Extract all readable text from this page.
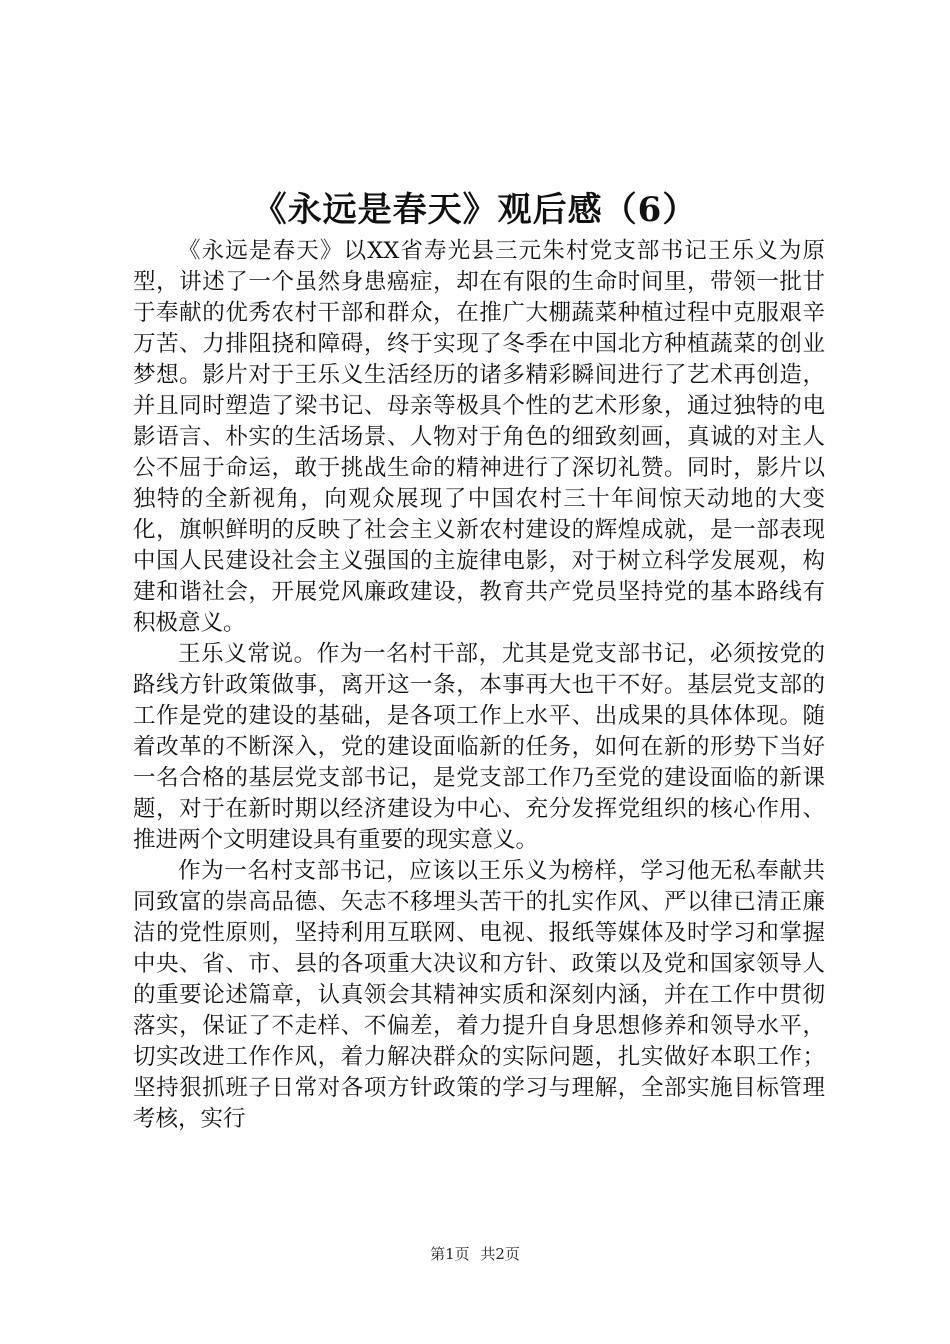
《永远是春天》观后感（6）

《永远是春天》以XX省寿光县三元朱村党支部书记王乐义为原型，讲述了一个虽然身患癌症，却在有限的生命时间里，带领一批甘于奉献的优秀农村干部和群众，在推广大棚蔬菜种植过程中克服艰辛万苦、力排阻挠和障碍，终于实现了冬季在中国北方种植蔬菜的创业梦想。影片对于王乐义生活经历的诸多精彩瞬间进行了艺术再创造，并且同时塑造了梁书记、母亲等极具个性的艺术形象，通过独特的电影语言、朴实的生活场景、人物对于角色的细致刻画，真诚的对主人公不屈于命运，敢于挑战生命的精神进行了深切礼赞。同时，影片以独特的全新视角，向观众展现了中国农村三十年间惊天动地的大变化，旗帜鲜明的反映了社会主义新农村建设的辉煌成就，是一部表现中国人民建设社会主义强国的主旋律电影，对于树立科学发展观，构建和谐社会，开展党风廉政建设，教育共产党员坚持党的基本路线有积极意义。

王乐义常说。作为一名村干部，尤其是党支部书记，必须按党的路线方针政策做事，离开这一条，本事再大也干不好。基层党支部的工作是党的建设的基础，是各项工作上水平、出成果的具体体现。随着改革的不断深入，党的建设面临新的任务，如何在新的形势下当好一名合格的基层党支部书记，是党支部工作乃至党的建设面临的新课题，对于在新时期以经济建设为中心、充分发挥党组织的核心作用、推进两个文明建设具有重要的现实意义。

作为一名村支部书记，应该以王乐义为榜样，学习他无私奉献共同致富的崇高品德、矢志不移埋头苦干的扎实作风、严以律已清正廉洁的党性原则，坚持利用互联网、电视、报纸等媒体及时学习和掌握中央、省、市、县的各项重大决议和方针、政策以及党和国家领导人的重要论述篇章，认真领会其精神实质和深刻内涵，并在工作中贯彻落实，保证了不走样、不偏差，着力提升自身思想修养和领导水平，切实改进工作作风，着力解决群众的实际问题，扎实做好本职工作；坚持狠抓班子日常对各项方针政策的学习与理解，全部实施目标管理考核，实行

第1页 共2页
